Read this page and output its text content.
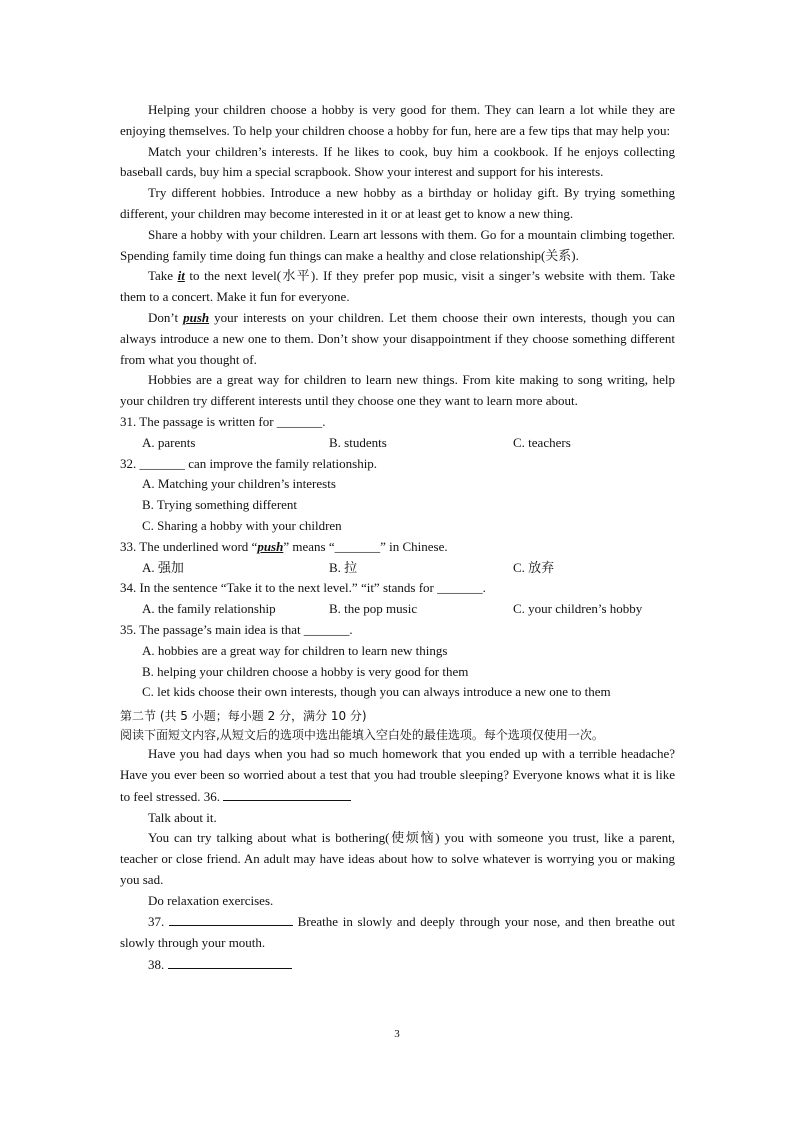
Helping your children choose a hobby is very good for them. They can learn a lot while they are enjoying themselves. To help your children choose a hobby for fun, here are a few tips that may help you:

Match your children’s interests. If he likes to cook, buy him a cookbook. If he enjoys collecting baseball cards, buy him a special scrapbook. Show your interest and support for his interests.

Try different hobbies. Introduce a new hobby as a birthday or holiday gift. By trying something different, your children may become interested in it or at least get to know a new thing.

Share a hobby with your children. Learn art lessons with them. Go for a mountain climbing together. Spending family time doing fun things can make a healthy and close relationship(关系).

Take it to the next level(水平). If they prefer pop music, visit a singer’s website with them. Take them to a concert. Make it fun for everyone.

Don’t push your interests on your children. Let them choose their own interests, though you can always introduce a new one to them. Don’t show your disappointment if they choose something different from what you thought of.

Hobbies are a great way for children to learn new things. From kite making to song writing, help your children try different interests until they choose one they want to learn more about.

31. The passage is written for _______.

A. parents	B. students	C. teachers

32. _______ can improve the family relationship.

A. Matching your children’s interests

B. Trying something different

C. Sharing a hobby with your children

33. The underlined word “push” means “_______” in Chinese.

A. 强加	B. 拉	C. 放弃

34. In the sentence “Take it to the next level.” “it” stands for _______.

A. the family relationship	B. the pop music	C. your children’s hobby

35. The passage’s main idea is that _______.

A. hobbies are a great way for children to learn new things

B. helping your children choose a hobby is very good for them

C. let kids choose their own interests, though you can always introduce a new one to them

第二节 (共 5 小题；每小题 2 分，满分 10 分)

阅读下面短文内容,从短文后的选项中选出能填入空白处的最佳选项。每个选项仅使用一次。

Have you had days when you had so much homework that you ended up with a terrible headache? Have you ever been so worried about a test that you had trouble sleeping? Everyone knows what it is like to feel stressed. 36.

Talk about it.

You can try talking about what is bothering(使烦恼) you with someone you trust, like a parent, teacher or close friend. An adult may have ideas about how to solve whatever is worrying you or making you sad.

Do relaxation exercises.

37.	Breathe in slowly and deeply through your nose, and then breathe out slowly through your mouth.

38.

3
